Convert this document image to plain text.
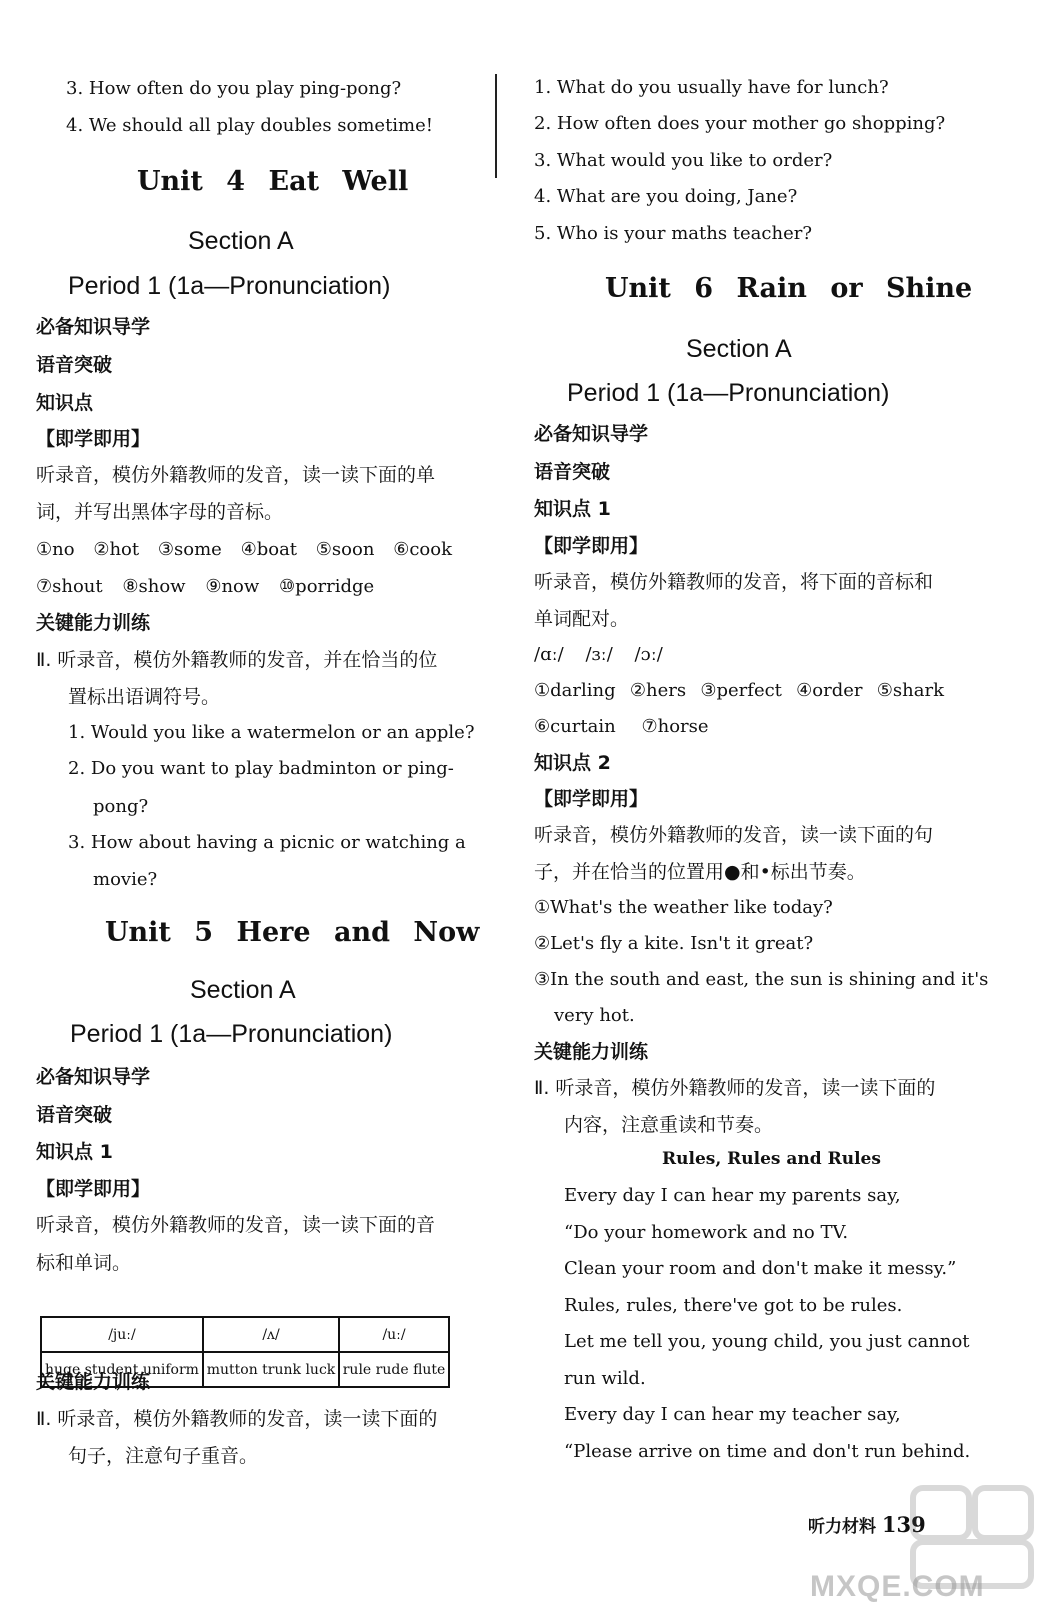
3. How often do you play ping-pong?
4. We should all play doubles sometime!
Unit 4 Eat Well
Section A
Period 1 (1a—Pronunciation)
必备知识导学
语音突破
知识点
【即学即用】
听录音，模仿外籍教师的发音，读一读下面的单
词，并写出黑体字母的音标。
①no ②hot ③some ④boat ⑤soon ⑥cook
⑦shout ⑧show ⑨now ⑩porridge
关键能力训练
Ⅱ. 听录音，模仿外籍教师的发音，并在恰当的位
置标出语调符号。
1. Would you like a watermelon or an apple?
2. Do you want to play badminton or ping-
pong?
3. How about having a picnic or watching a
movie?
Unit 5 Here and Now
Section A
Period 1 (1a—Pronunciation)
必备知识导学
语音突破
知识点 1
【即学即用】
听录音，模仿外籍教师的发音，读一读下面的音
标和单词。
/juː/	/ʌ/	/uː/
huge student uniform	mutton trunk luck	rule rude flute
关键能力训练
Ⅱ. 听录音，模仿外籍教师的发音，读一读下面的
句子，注意句子重音。
1. What do you usually have for lunch?
2. How often does your mother go shopping?
3. What would you like to order?
4. What are you doing, Jane?
5. Who is your maths teacher?
Unit 6 Rain or Shine
Section A
Period 1 (1a—Pronunciation)
必备知识导学
语音突破
知识点 1
【即学即用】
听录音，模仿外籍教师的发音，将下面的音标和
单词配对。
/ɑː/ /ɜː/ /ɔː/
①darling ②hers ③perfect ④order ⑤shark
⑥curtain ⑦horse
知识点 2
【即学即用】
听录音，模仿外籍教师的发音，读一读下面的句
子，并在恰当的位置用●和•标出节奏。
①What's the weather like today?
②Let's fly a kite. Isn't it great?
③In the south and east, the sun is shining and it's
very hot.
关键能力训练
Ⅱ. 听录音，模仿外籍教师的发音，读一读下面的
内容，注意重读和节奏。
Rules, Rules and Rules
Every day I can hear my parents say,
“Do your homework and no TV.
Clean your room and don't make it messy.”
Rules, rules, there've got to be rules.
Let me tell you, young child, you just cannot
run wild.
Every day I can hear my teacher say,
“Please arrive on time and don't run behind.
听力材料 139
MXQE.COM
